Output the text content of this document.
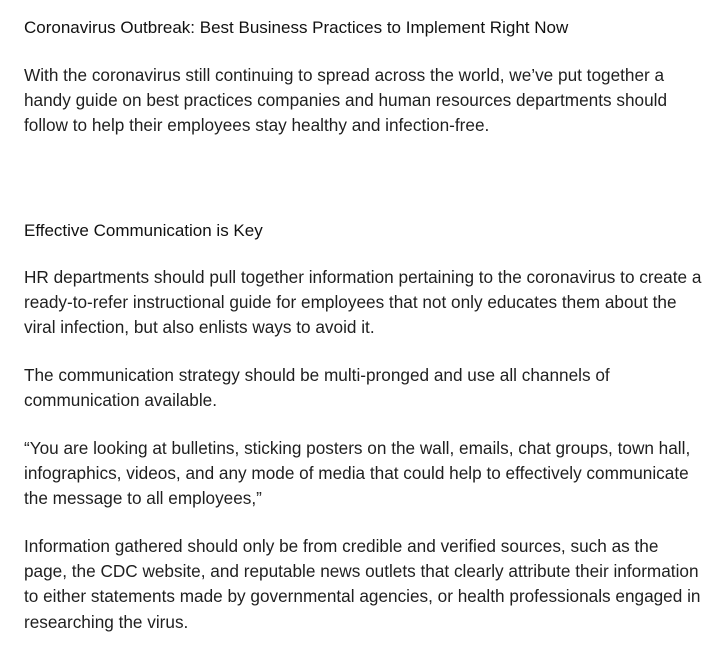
Coronavirus Outbreak: Best Business Practices to Implement Right Now

With the coronavirus still continuing to spread across the world, we’ve put together a handy guide on best practices companies and human resources departments should follow to help their employees stay healthy and infection-free.

Effective Communication is Key

HR departments should pull together information pertaining to the coronavirus to create a ready-to-refer instructional guide for employees that not only educates them about the viral infection, but also enlists ways to avoid it.

The communication strategy should be multi-pronged and use all channels of communication available.

“You are looking at bulletins, sticking posters on the wall, emails, chat groups, town hall, infographics, videos, and any mode of media that could help to effectively communicate the message to all employees,”

Information gathered should only be from credible and verified sources, such as the page, the CDC website, and reputable news outlets that clearly attribute their information to either statements made by governmental agencies, or health professionals engaged in researching the virus.
